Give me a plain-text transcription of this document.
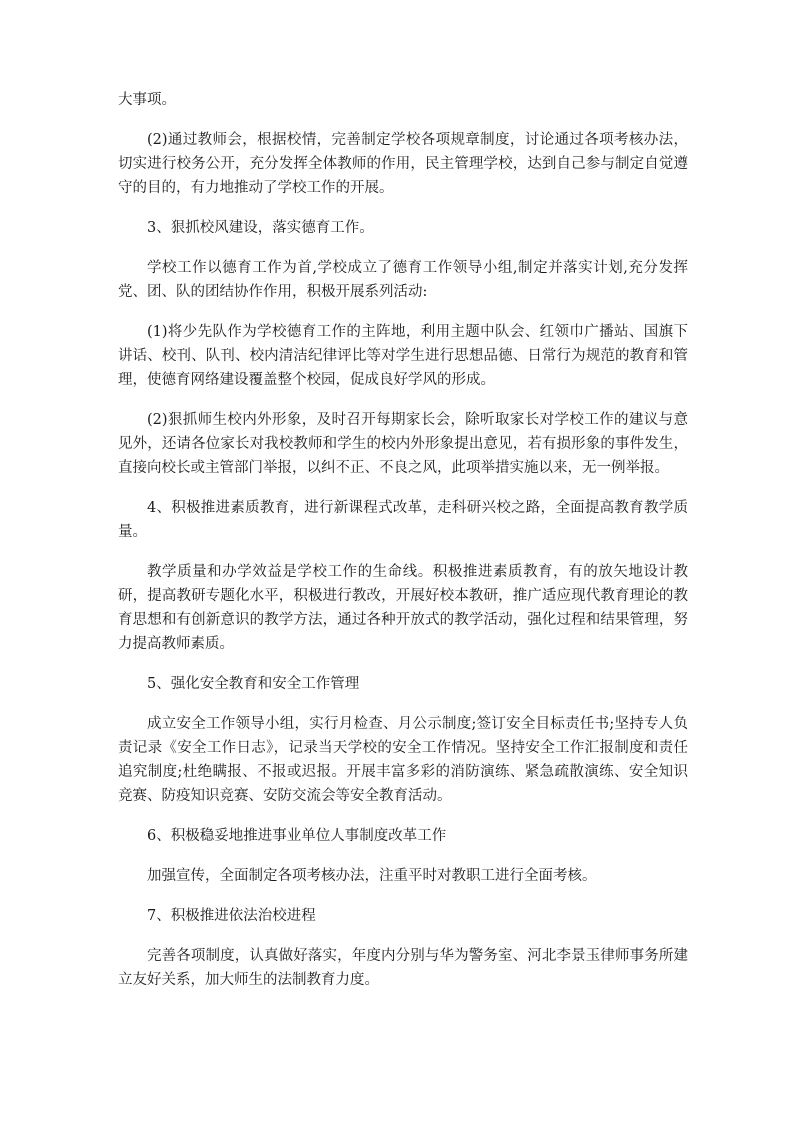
大事项。

(2)通过教师会，根据校情，完善制定学校各项规章制度，讨论通过各项考核办法，切实进行校务公开，充分发挥全体教师的作用，民主管理学校，达到自己参与制定自觉遵守的目的，有力地推动了学校工作的开展。

3、狠抓校风建设，落实德育工作。

学校工作以德育工作为首,学校成立了德育工作领导小组,制定并落实计划,充分发挥党、团、队的团结协作作用，积极开展系列活动:

(1)将少先队作为学校德育工作的主阵地，利用主题中队会、红领巾广播站、国旗下讲话、校刊、队刊、校内清洁纪律评比等对学生进行思想品德、日常行为规范的教育和管理，使德育网络建设覆盖整个校园，促成良好学风的形成。

(2)狠抓师生校内外形象，及时召开每期家长会，除听取家长对学校工作的建议与意见外，还请各位家长对我校教师和学生的校内外形象提出意见，若有损形象的事件发生，直接向校长或主管部门举报，以纠不正、不良之风，此项举措实施以来，无一例举报。

4、积极推进素质教育，进行新课程式改革，走科研兴校之路，全面提高教育教学质量。

教学质量和办学效益是学校工作的生命线。积极推进素质教育，有的放矢地设计教研，提高教研专题化水平，积极进行教改，开展好校本教研，推广适应现代教育理论的教育思想和有创新意识的教学方法，通过各种开放式的教学活动，强化过程和结果管理，努力提高教师素质。

5、强化安全教育和安全工作管理

成立安全工作领导小组，实行月检查、月公示制度;签订安全目标责任书;坚持专人负责记录《安全工作日志》，记录当天学校的安全工作情况。坚持安全工作汇报制度和责任追究制度;杜绝瞒报、不报或迟报。开展丰富多彩的消防演练、紧急疏散演练、安全知识竞赛、防疫知识竞赛、安防交流会等安全教育活动。

6、积极稳妥地推进事业单位人事制度改革工作

加强宣传，全面制定各项考核办法，注重平时对教职工进行全面考核。

7、积极推进依法治校进程

完善各项制度，认真做好落实，年度内分别与华为警务室、河北李景玉律师事务所建立友好关系，加大师生的法制教育力度。
